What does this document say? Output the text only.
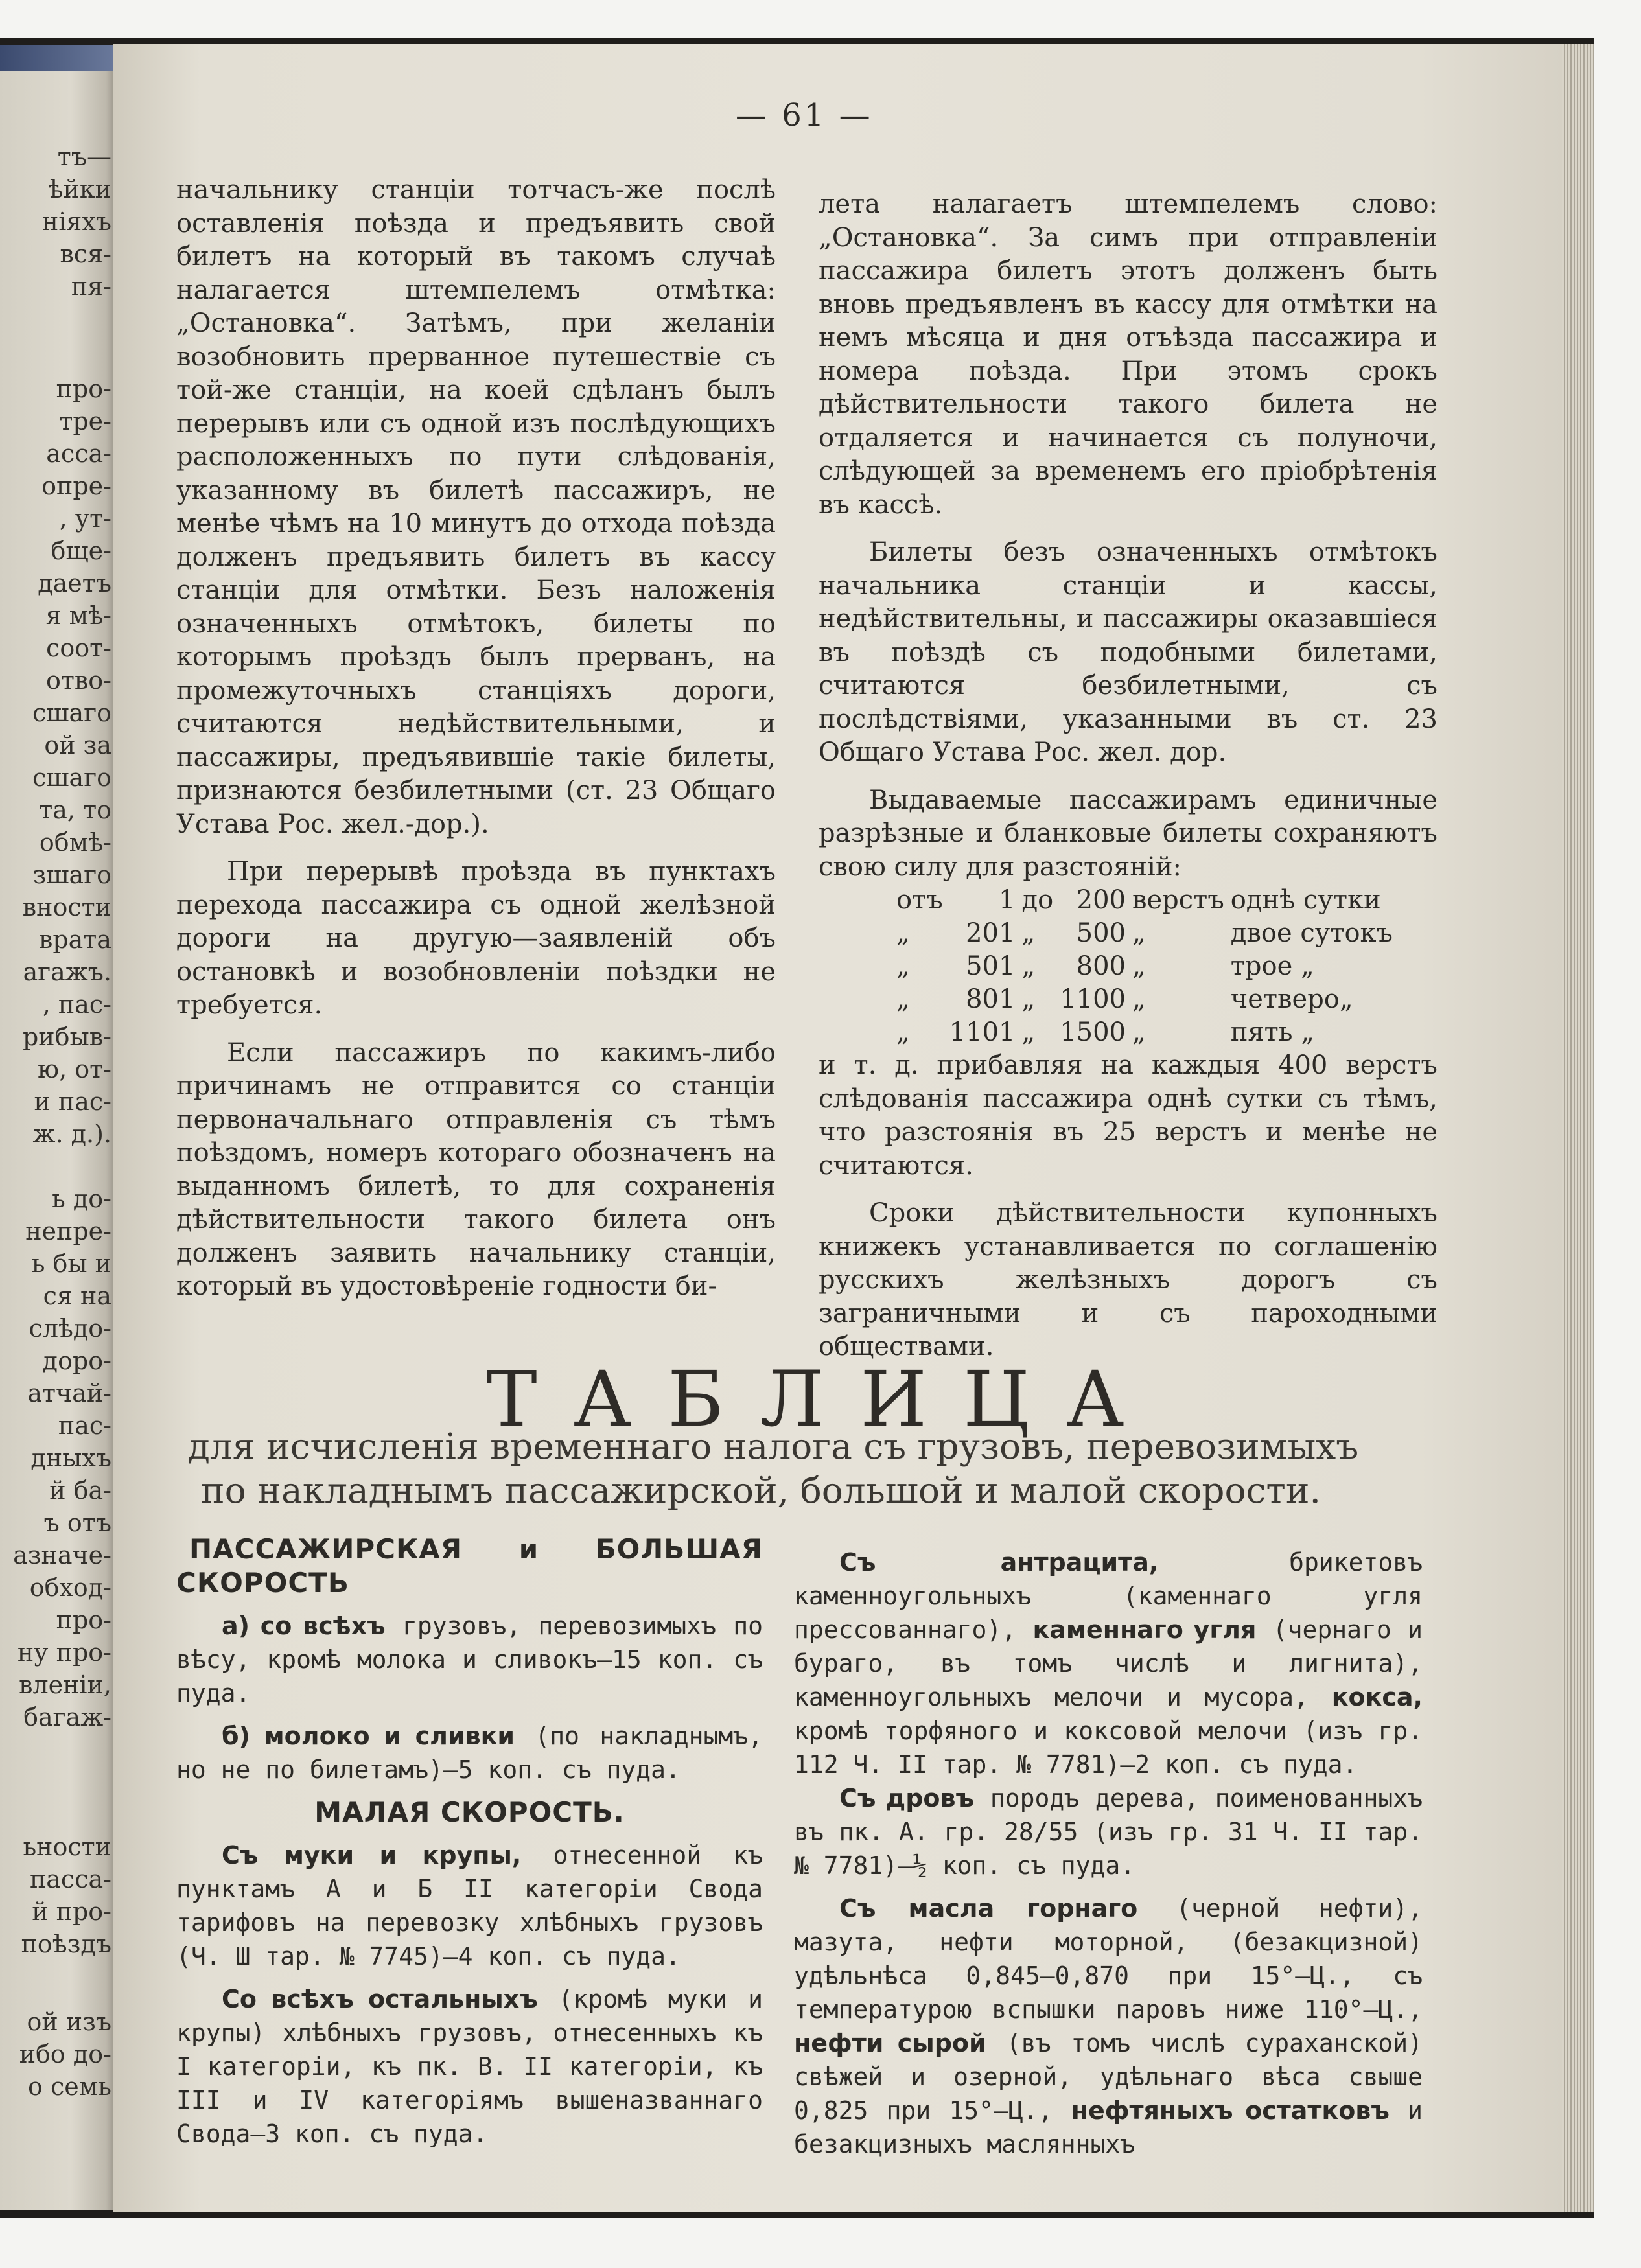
тъ—
ѣйки
ніяхъ
вся-
пя-
про-
тре-
асса-
опре-
, ут-
бще-
даетъ
я мѣ-
соот-
отво-
сшаго
ой за
сшаго
та, то
обмѣ-
зшаго
вности
врата
агажъ.
, пас-
рибыв-
ю, от-
и пас-
ж. д.).
ь до-
непре-
ь бы и
ся на
слѣдо-
доро-
атчай-
пас-
дныхъ
й ба-
ъ отъ
азначе-
обход-
про-
ну про-
вленіи,
багаж-
ьности
пасса-
й про-
поѣздъ
ой изъ
ибо до-
о семь
— 61 —

начальнику станціи тотчасъ-же послѣ оставленія поѣзда и предъявить свой билетъ на который въ такомъ случаѣ налагается штемпелемъ отмѣтка: „Остановка“. Затѣмъ, при желаніи возобновить прерванное путешествіе съ той-же станціи, на коей сдѣланъ былъ перерывъ или съ одной изъ послѣдующихъ расположенныхъ по пути слѣдованія, указанному въ билетѣ пассажиръ, не менѣе чѣмъ на 10 минутъ до отхода поѣзда долженъ предъявить билетъ въ кассу станціи для отмѣтки. Безъ наложенія означенныхъ отмѣтокъ, билеты по которымъ проѣздъ былъ прерванъ, на промежуточныхъ станціяхъ дороги, считаются недѣйствительными, и пассажиры, предъявившіе такіе билеты, признаются безбилетными (ст. 23 Общаго Устава Рос. жел.-дор.).

При перерывѣ проѣзда въ пунктахъ перехода пассажира съ одной желѣзной дороги на другую—заявленій объ остановкѣ и возобновленіи поѣздки не требуется.

Если пассажиръ по какимъ-либо причинамъ не отправится со станціи первоначальнаго отправленія съ тѣмъ поѣздомъ, номеръ котораго обозначенъ на выданномъ билетѣ, то для сохраненія дѣйствительности такого билета онъ долженъ заявить начальнику станціи, который въ удостовѣреніе годности би-

лета налагаетъ штемпелемъ слово: „Остановка“. За симъ при отправленіи пассажира билетъ этотъ долженъ быть вновь предъявленъ въ кассу для отмѣтки на немъ мѣсяца и дня отъѣзда пассажира и номера поѣзда. При этомъ срокъ дѣйствительности такого билета не отдаляется и начинается съ полуночи, слѣдующей за временемъ его пріобрѣтенія въ кассѣ.

Билеты безъ означенныхъ отмѣтокъ начальника станціи и кассы, недѣйствительны, и пассажиры оказавшіеся въ поѣздѣ съ подобными билетами, считаются безбилетными, съ послѣдствіями, указанными въ ст. 23 Общаго Устава Рос. жел. дор.

Выдаваемые пассажирамъ единичные разрѣзные и бланковые билеты сохраняютъ свою силу для разстояній:

отъ	1	до	200	верстъ	однѣ сутки
„	201	„	500	„	двое сутокъ
„	501	„	800	„	трое „
„	801	„	1100	„	четверо„
„	1101	„	1500	„	пять „

и т. д. прибавляя на каждыя 400 верстъ слѣдованія пассажира однѣ сутки съ тѣмъ, что разстоянія въ 25 верстъ и менѣе не считаются.

Сроки дѣйствительности купонныхъ книжекъ устанавливается по соглашенію русскихъ желѣзныхъ дорогъ съ заграничными и съ пароходными обществами.

ТАБЛИЦА
для исчисленія временнаго налога съ грузовъ, перевозимыхъ
по накладнымъ пассажирской, большой и малой скорости.

ПАССАЖИРСКАЯ и БОЛЬШАЯ СКОРОСТЬ

а) со всѣхъ грузовъ, перевозимыхъ по вѣсу, кромѣ молока и сливокъ—15 коп. съ пуда.

б) молоко и сливки (по накладнымъ, но не по билетамъ)—5 коп. съ пуда.

МАЛАЯ СКОРОСТЬ.

Съ муки и крупы, отнесенной къ пунктамъ А и Б II категоріи Свода тарифовъ на перевозку хлѣбныхъ грузовъ (Ч. Ш тар. № 7745)—4 коп. съ пуда.

Со всѣхъ остальныхъ (кромѣ муки и крупы) хлѣбныхъ грузовъ, отнесенныхъ къ I категоріи, къ пк. В. II категоріи, къ III и IV категоріямъ вышеназваннаго Свода—3 коп. съ пуда.

Съ антрацита, брикетовъ каменноугольныхъ (каменнаго угля прессованнаго), каменнаго угля (чернаго и бураго, въ томъ числѣ и лигнита), каменноугольныхъ мелочи и мусора, кокса, кромѣ торфяного и коксовой мелочи (изъ гр. 112 Ч. II тар. № 7781)—2 коп. съ пуда.

Съ дровъ породъ дерева, поименованныхъ въ пк. А. гр. 28/55 (изъ гр. 31 Ч. II тар. № 7781)—½ коп. съ пуда.

Съ масла горнаго (черной нефти), мазута, нефти моторной, (безакцизной) удѣльнѣса 0,845—0,870 при 15°—Ц., съ температурою вспышки паровъ ниже 110°—Ц., нефти сырой (въ томъ числѣ сураханской) свѣжей и озерной, удѣльнаго вѣса свыше 0,825 при 15°—Ц., нефтяныхъ остатковъ и безакцизныхъ маслянныхъ
